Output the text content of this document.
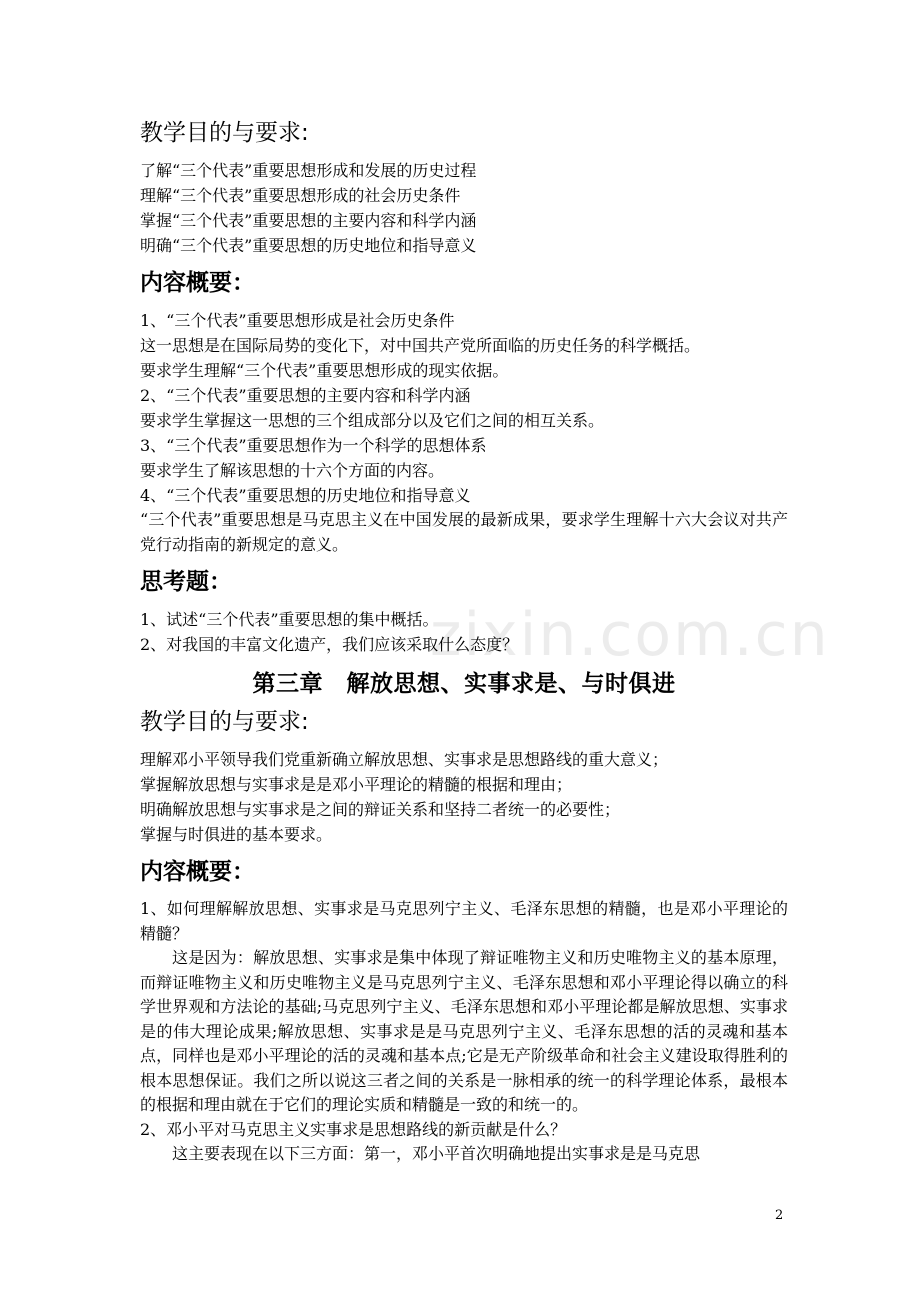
zixin.com.cn
教学目的与要求:

了解“三个代表”重要思想形成和发展的历史过程

理解“三个代表”重要思想形成的社会历史条件

掌握“三个代表”重要思想的主要内容和科学内涵

明确“三个代表”重要思想的历史地位和指导意义

内容概要：

1、“三个代表”重要思想形成是社会历史条件

这一思想是在国际局势的变化下，对中国共产党所面临的历史任务的科学概括。

要求学生理解“三个代表”重要思想形成的现实依据。

2、“三个代表”重要思想的主要内容和科学内涵

要求学生掌握这一思想的三个组成部分以及它们之间的相互关系。

3、“三个代表”重要思想作为一个科学的思想体系

要求学生了解该思想的十六个方面的内容。

4、“三个代表”重要思想的历史地位和指导意义

“三个代表”重要思想是马克思主义在中国发展的最新成果，要求学生理解十六大会议对共产党行动指南的新规定的意义。

思考题：

1、试述“三个代表”重要思想的集中概括。

2、对我国的丰富文化遗产，我们应该采取什么态度？

第三章　解放思想、实事求是、与时俱进
教学目的与要求:

理解邓小平领导我们党重新确立解放思想、实事求是思想路线的重大意义；

掌握解放思想与实事求是是邓小平理论的精髓的根据和理由；

明确解放思想与实事求是之间的辩证关系和坚持二者统一的必要性；

掌握与时俱进的基本要求。

内容概要：

1、如何理解解放思想、实事求是马克思列宁主义、毛泽东思想的精髓，也是邓小平理论的精髓？

这是因为：解放思想、实事求是集中体现了辩证唯物主义和历史唯物主义的基本原理，而辩证唯物主义和历史唯物主义是马克思列宁主义、毛泽东思想和邓小平理论得以确立的科学世界观和方法论的基础;马克思列宁主义、毛泽东思想和邓小平理论都是解放思想、实事求是的伟大理论成果;解放思想、实事求是是马克思列宁主义、毛泽东思想的活的灵魂和基本点，同样也是邓小平理论的活的灵魂和基本点;它是无产阶级革命和社会主义建设取得胜利的根本思想保证。我们之所以说这三者之间的关系是一脉相承的统一的科学理论体系，最根本的根据和理由就在于它们的理论实质和精髓是一致的和统一的。

2、邓小平对马克思主义实事求是思想路线的新贡献是什么？

这主要表现在以下三方面：第一，邓小平首次明确地提出实事求是是马克思

2
